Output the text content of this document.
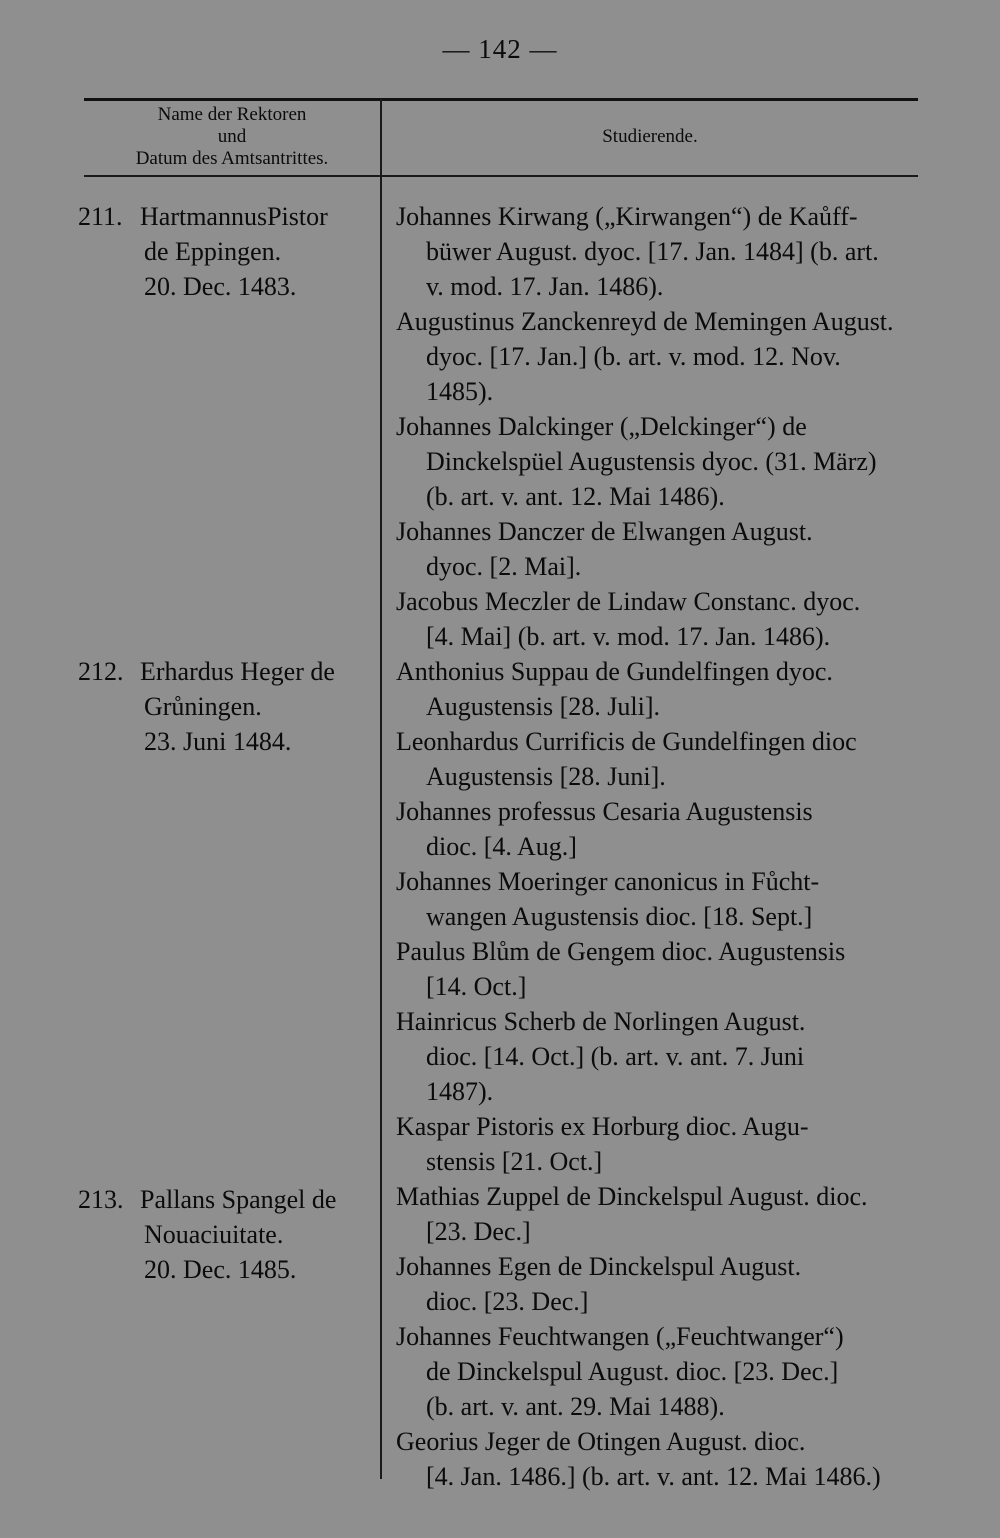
— 142 —
Name der Rektoren
und
Datum des Amtsantrittes.
Studierende.
211. HartmannusPistor
de Eppingen.
20. Dec. 1483.
212. Erhardus Heger de
Grůningen.
23. Juni 1484.
213. Pallans Spangel de
Nouaciuitate.
20. Dec. 1485.
Johannes Kirwang („Kirwangen“) de Kaůff-
büwer August. dyoc. [17. Jan. 1484] (b. art.
v. mod. 17. Jan. 1486).
Augustinus Zanckenreyd de Memingen August.
dyoc. [17. Jan.] (b. art. v. mod. 12. Nov.
1485).
Johannes Dalckinger („Delckinger“) de
Dinckelspüel Augustensis dyoc. (31. März)
(b. art. v. ant. 12. Mai 1486).
Johannes Danczer de Elwangen August.
dyoc. [2. Mai].
Jacobus Meczler de Lindaw Constanc. dyoc.
[4. Mai] (b. art. v. mod. 17. Jan. 1486).
Anthonius Suppau de Gundelfingen dyoc.
Augustensis [28. Juli].
Leonhardus Currificis de Gundelfingen dioc
Augustensis [28. Juni].
Johannes professus Cesaria Augustensis
dioc. [4. Aug.]
Johannes Moeringer canonicus in Fůcht-
wangen Augustensis dioc. [18. Sept.]
Paulus Blům de Gengem dioc. Augustensis
[14. Oct.]
Hainricus Scherb de Norlingen August.
dioc. [14. Oct.] (b. art. v. ant. 7. Juni
1487).
Kaspar Pistoris ex Horburg dioc. Augu-
stensis [21. Oct.]
Mathias Zuppel de Dinckelspul August. dioc.
[23. Dec.]
Johannes Egen de Dinckelspul August.
dioc. [23. Dec.]
Johannes Feuchtwangen („Feuchtwanger“)
de Dinckelspul August. dioc. [23. Dec.]
(b. art. v. ant. 29. Mai 1488).
Georius Jeger de Otingen August. dioc.
[4. Jan. 1486.] (b. art. v. ant. 12. Mai 1486.)
